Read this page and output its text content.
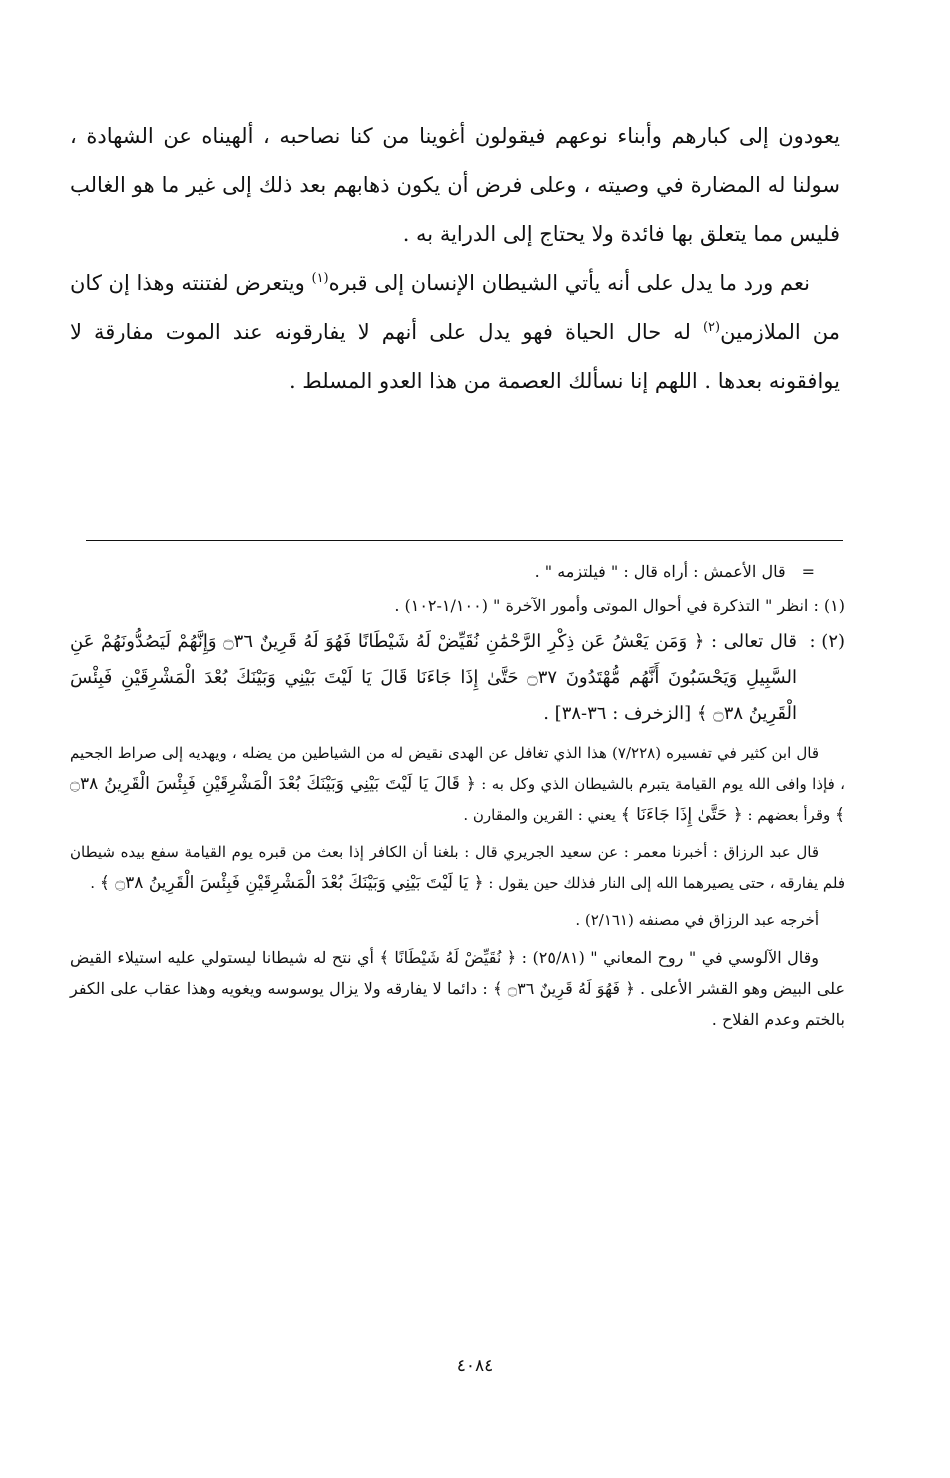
يعودون إلى كبارهم وأبناء نوعهم فيقولون أغوينا من كنا نصاحبه ، ألهيناه عن الشهادة ، سولنا له المضارة في وصيته ، وعلى فرض أن يكون ذهابهم بعد ذلك إلى غير ما هو الغالب فليس مما يتعلق بها فائدة ولا يحتاج إلى الدراية به .

نعم ورد ما يدل على أنه يأتي الشيطان الإنسان إلى قبره$^{(١)}$ ويتعرض لفتنته وهذا إن كان من الملازمين$^{(٢)}$ له حال الحياة فهو يدل على أنهم لا يفارقونه عند الموت مفارقة لا يوافقونه بعدها . اللهم إنا نسألك العصمة من هذا العدو المسلط .

=قال الأعمش : أراه قال : " فيلتزمه " .

(١) : انظر " التذكرة في أحوال الموتى وأمور الآخرة " (١/١٠٠-١٠٢) .

(٢) :قال تعالى : ﴿ وَمَن يَعْشُ عَن ذِكْرِ الرَّحْمَٰنِ نُقَيِّضْ لَهُ شَيْطَانًا فَهُوَ لَهُ قَرِينٌ ۝٣٦ وَإِنَّهُمْ لَيَصُدُّونَهُمْ عَنِ السَّبِيلِ وَيَحْسَبُونَ أَنَّهُم مُّهْتَدُونَ ۝٣٧ حَتَّىٰ إِذَا جَاءَنَا قَالَ يَا لَيْتَ بَيْنِي وَبَيْنَكَ بُعْدَ الْمَشْرِقَيْنِ فَبِئْسَ الْقَرِينُ ۝٣٨ ﴾ [الزخرف : ٣٦-٣٨] .

قال ابن كثير في تفسيره (٧/٢٢٨) هذا الذي تغافل عن الهدى نقيض له من الشياطين من يضله ، ويهديه إلى صراط الجحيم ، فإذا وافى الله يوم القيامة يتبرم بالشيطان الذي وكل به : ﴿ قَالَ يَا لَيْتَ بَيْنِي وَبَيْنَكَ بُعْدَ الْمَشْرِقَيْنِ فَبِئْسَ الْقَرِينُ ۝٣٨ ﴾ وقرأ بعضهم : ﴿ حَتَّىٰ إِذَا جَاءَنَا ﴾ يعني : القرين والمقارن .

قال عبد الرزاق : أخبرنا معمر : عن سعيد الجريري قال : بلغنا أن الكافر إذا بعث من قبره يوم القيامة سفع بيده شيطان فلم يفارقه ، حتى يصيرهما الله إلى النار فذلك حين يقول : ﴿ يَا لَيْتَ بَيْنِي وَبَيْنَكَ بُعْدَ الْمَشْرِقَيْنِ فَبِئْسَ الْقَرِينُ ۝٣٨ ﴾ .

أخرجه عبد الرزاق في مصنفه (٢/١٦١) .

وقال الآلوسي في " روح المعاني " (٢٥/٨١) : ﴿ نُقَيِّضْ لَهُ شَيْطَانًا ﴾ أي نتح له شيطانا ليستولي عليه استيلاء القيض على البيض وهو القشر الأعلى . ﴿ فَهُوَ لَهُ قَرِينٌ ۝٣٦ ﴾ : دائما لا يفارقه ولا يزال يوسوسه ويغويه وهذا عقاب على الكفر بالختم وعدم الفلاح .

٤٠٨٤
